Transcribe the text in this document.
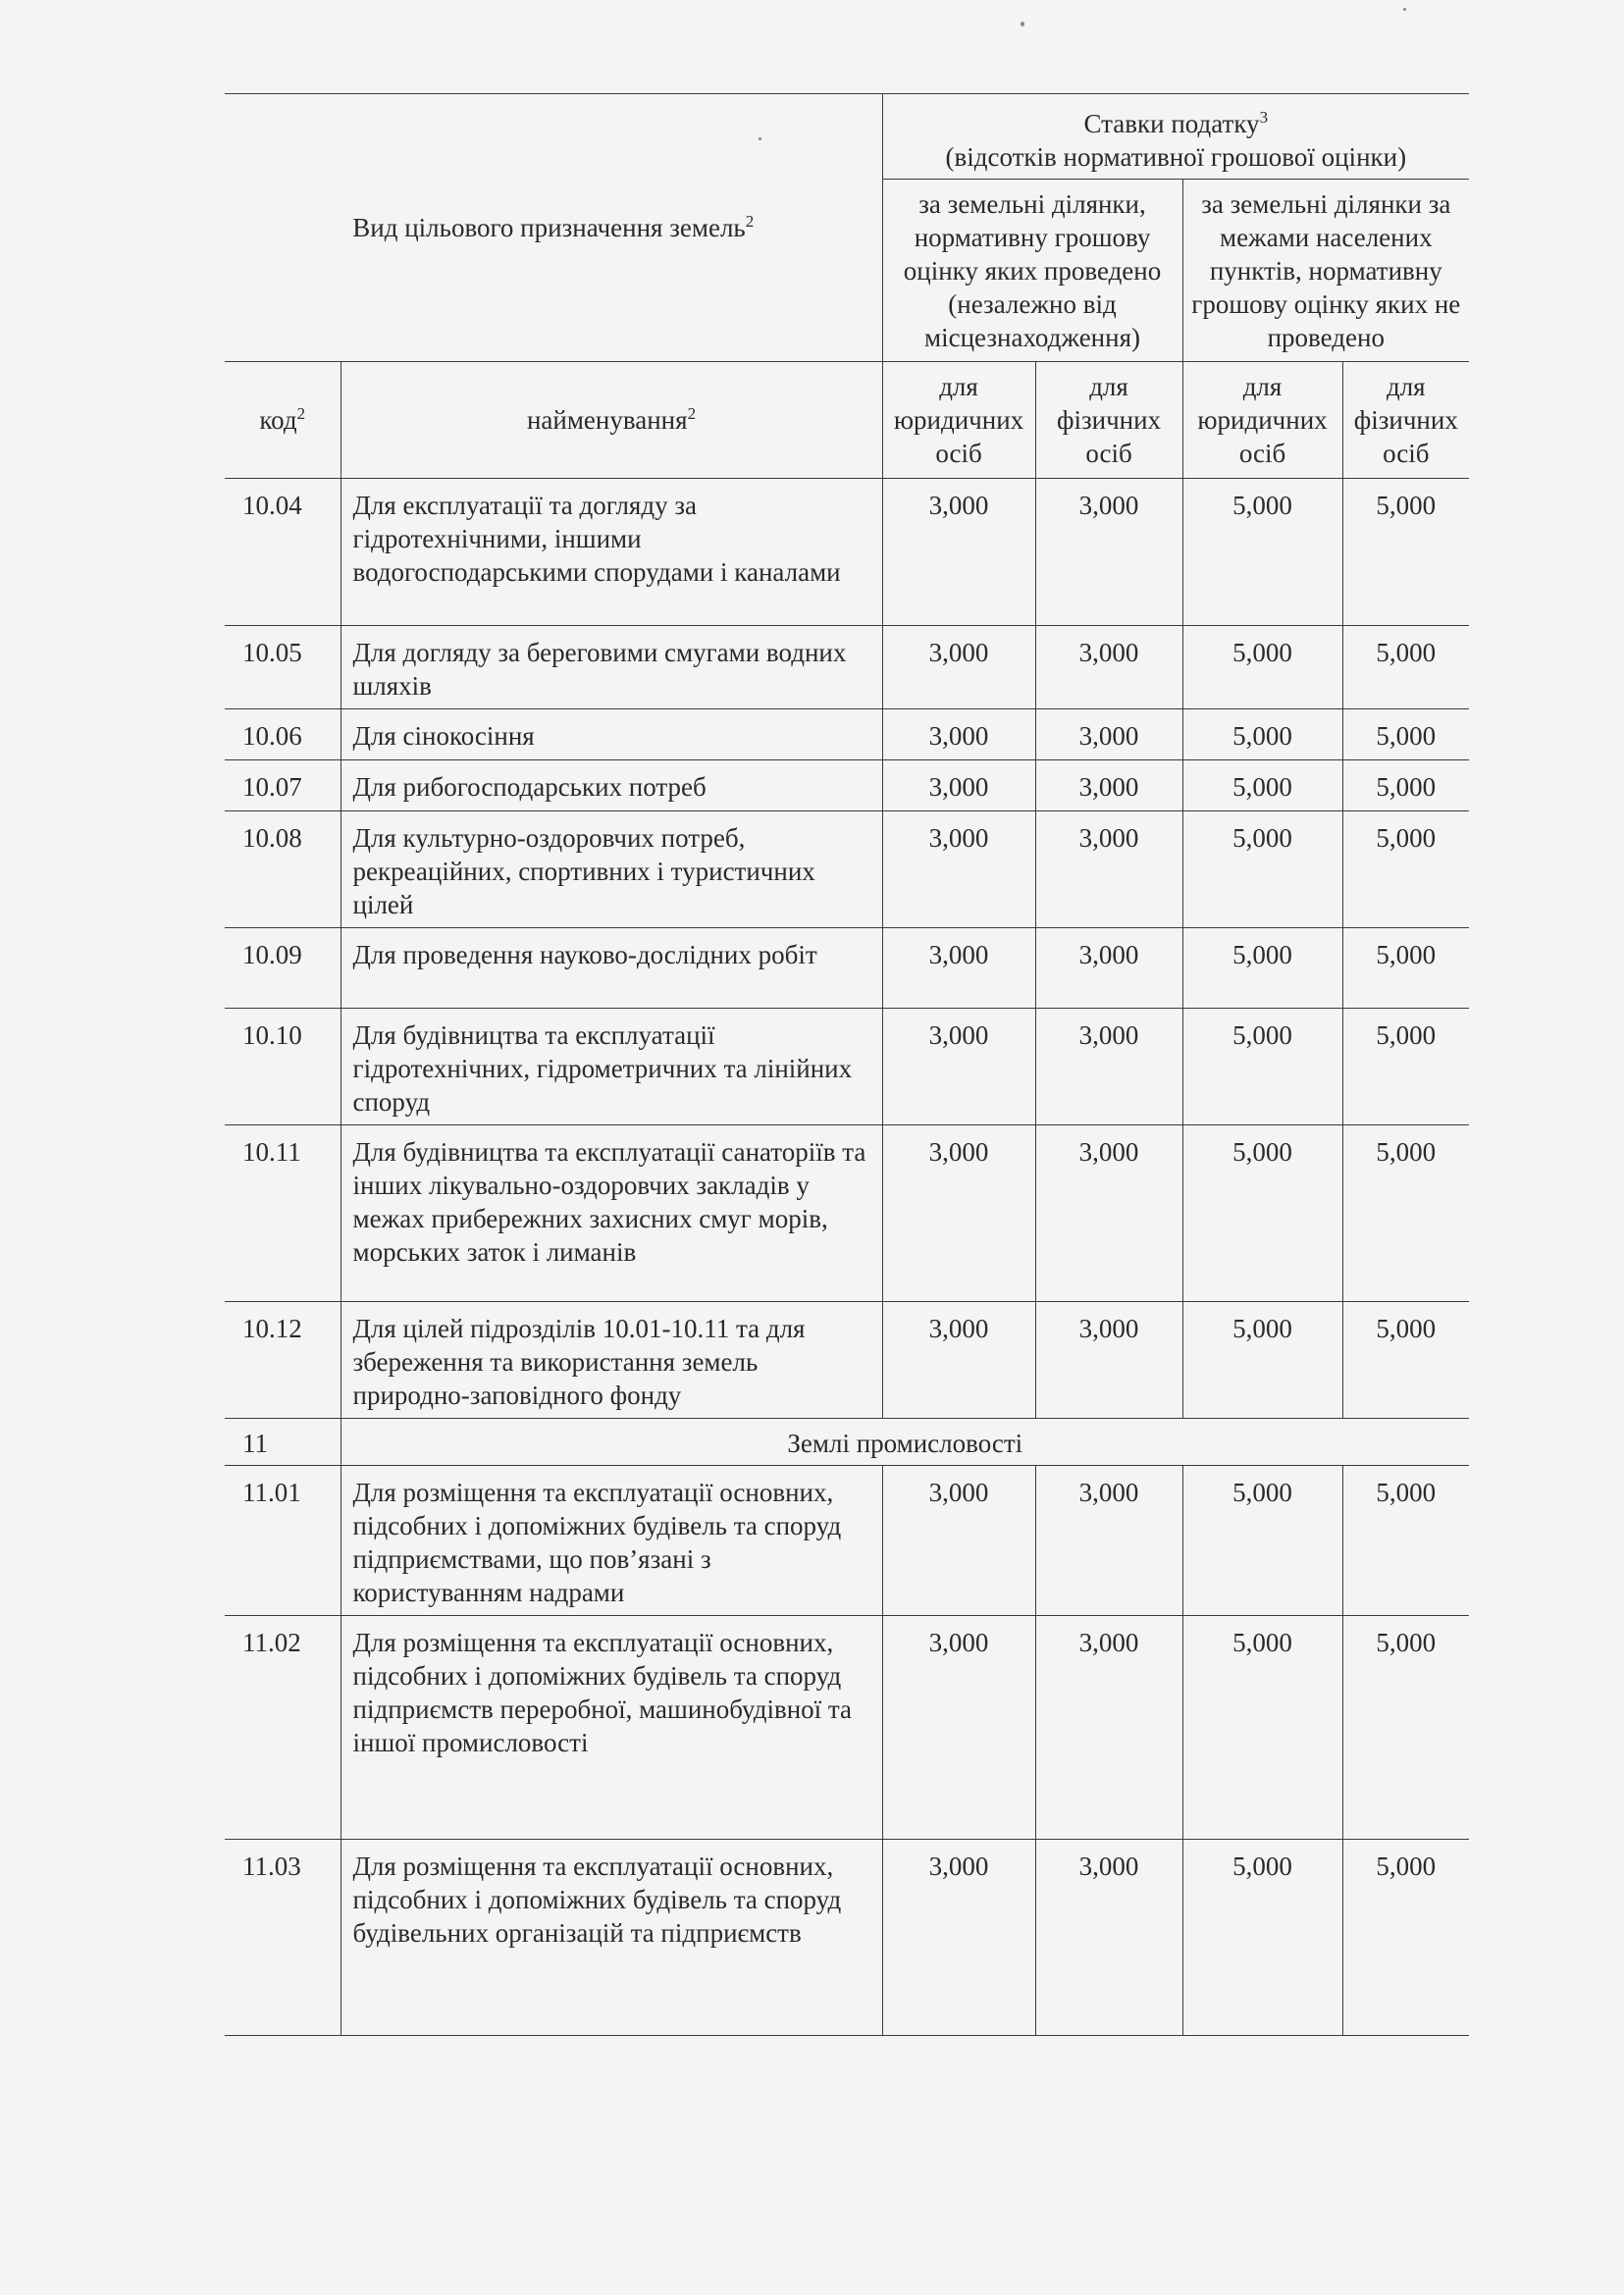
Вид цільового призначення земель$^2$		Ставки податку$^3$
(відсотків нормативної грошової оцінки)			

		за земельні ділянки, нормативну грошову оцінку яких проведено (незалежно від місцезнаходження)		за земельні ділянки за межами населених пунктів, нормативну грошову оцінку яких не проведено	
код$^2$	найменування$^2$	для юридичних осіб	для фізичних осіб	для юридичних осіб	для фізичних осіб
10.04	Для експлуатації та догляду за гідротехнічними, іншими водогосподарськими спорудами і каналами	3,000	3,000	5,000	5,000
10.05	Для догляду за береговими смугами водних шляхів	3,000	3,000	5,000	5,000
10.06	Для сінокосіння	3,000	3,000	5,000	5,000
10.07	Для рибогосподарських потреб	3,000	3,000	5,000	5,000
10.08	Для культурно-оздоровчих потреб, рекреаційних, спортивних і туристичних цілей	3,000	3,000	5,000	5,000
10.09	Для проведення науково-дослідних робіт	3,000	3,000	5,000	5,000
10.10	Для будівництва та експлуатації гідротехнічних, гідрометричних та лінійних споруд	3,000	3,000	5,000	5,000
10.11	Для будівництва та експлуатації санаторіїв та інших лікувально-оздоровчих закладів у межах прибережних захисних смуг морів, морських заток і лиманів	3,000	3,000	5,000	5,000
10.12	Для цілей підрозділів 10.01-10.11 та для збереження та використання земель природно-заповідного фонду	3,000	3,000	5,000	5,000
11	Землі промисловості				
11.01	Для розміщення та експлуатації основних, підсобних і допоміжних будівель та споруд підприємствами, що пов’язані з користуванням надрами	3,000	3,000	5,000	5,000
11.02	Для розміщення та експлуатації основних, підсобних і допоміжних будівель та споруд підприємств переробної, машинобудівної та іншої промисловості	3,000	3,000	5,000	5,000
11.03	Для розміщення та експлуатації основних, підсобних і допоміжних будівель та споруд будівельних організацій та підприємств	3,000	3,000	5,000	5,000
